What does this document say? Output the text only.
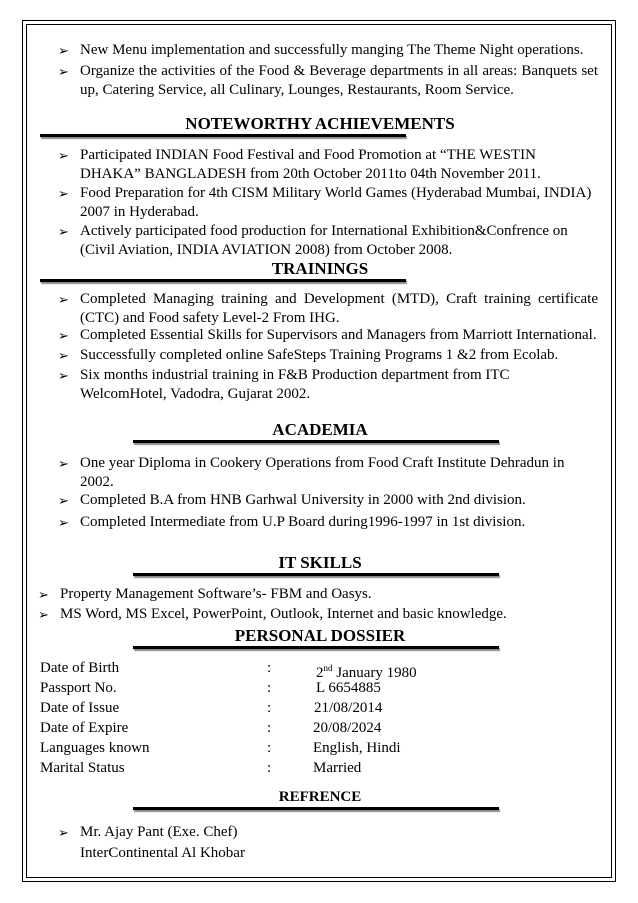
➢ New Menu implementation and successfully manging The Theme Night operations.
➢ Organize the activities of the Food & Beverage departments in all areas: Banquets set
up, Catering Service, all Culinary, Lounges, Restaurants, Room Service.
NOTEWORTHY ACHIEVEMENTS
➢ Participated INDIAN Food Festival and Food Promotion at “THE WESTIN
DHAKA” BANGLADESH from 20th October 2011to 04th November 2011.
➢ Food Preparation for 4th CISM Military World Games (Hyderabad Mumbai, INDIA)
2007 in Hyderabad.
➢ Actively participated food production for International Exhibition&Confrence on
(Civil Aviation, INDIA AVIATION 2008) from October 2008.
TRAININGS
➢ Completed Managing training and Development (MTD), Craft training certificate
(CTC) and Food safety Level-2 From IHG.
➢ Completed Essential Skills for Supervisors and Managers from Marriott International.
➢ Successfully completed online SafeSteps Training Programs 1 &2 from Ecolab.
➢ Six months industrial training in F&B Production department from ITC
WelcomHotel, Vadodra, Gujarat 2002.
ACADEMIA
➢ One year Diploma in Cookery Operations from Food Craft Institute Dehradun in
2002.
➢ Completed B.A from HNB Garhwal University in 2000 with 2nd division.
➢ Completed Intermediate from U.P Board during1996-1997 in 1st division.
IT SKILLS
➢ Property Management Software’s- FBM and Oasys.
➢ MS Word, MS Excel, PowerPoint, Outlook, Internet and basic knowledge.
PERSONAL DOSSIER
Date of Birth	:	2nd January 1980
Passport No.	:	L 6654885
Date of Issue	:	21/08/2014
Date of Expire	:	20/08/2024
Languages known	:	English, Hindi
Marital Status	:	Married
REFRENCE
➢ Mr. Ajay Pant (Exe. Chef)
InterContinental Al Khobar
